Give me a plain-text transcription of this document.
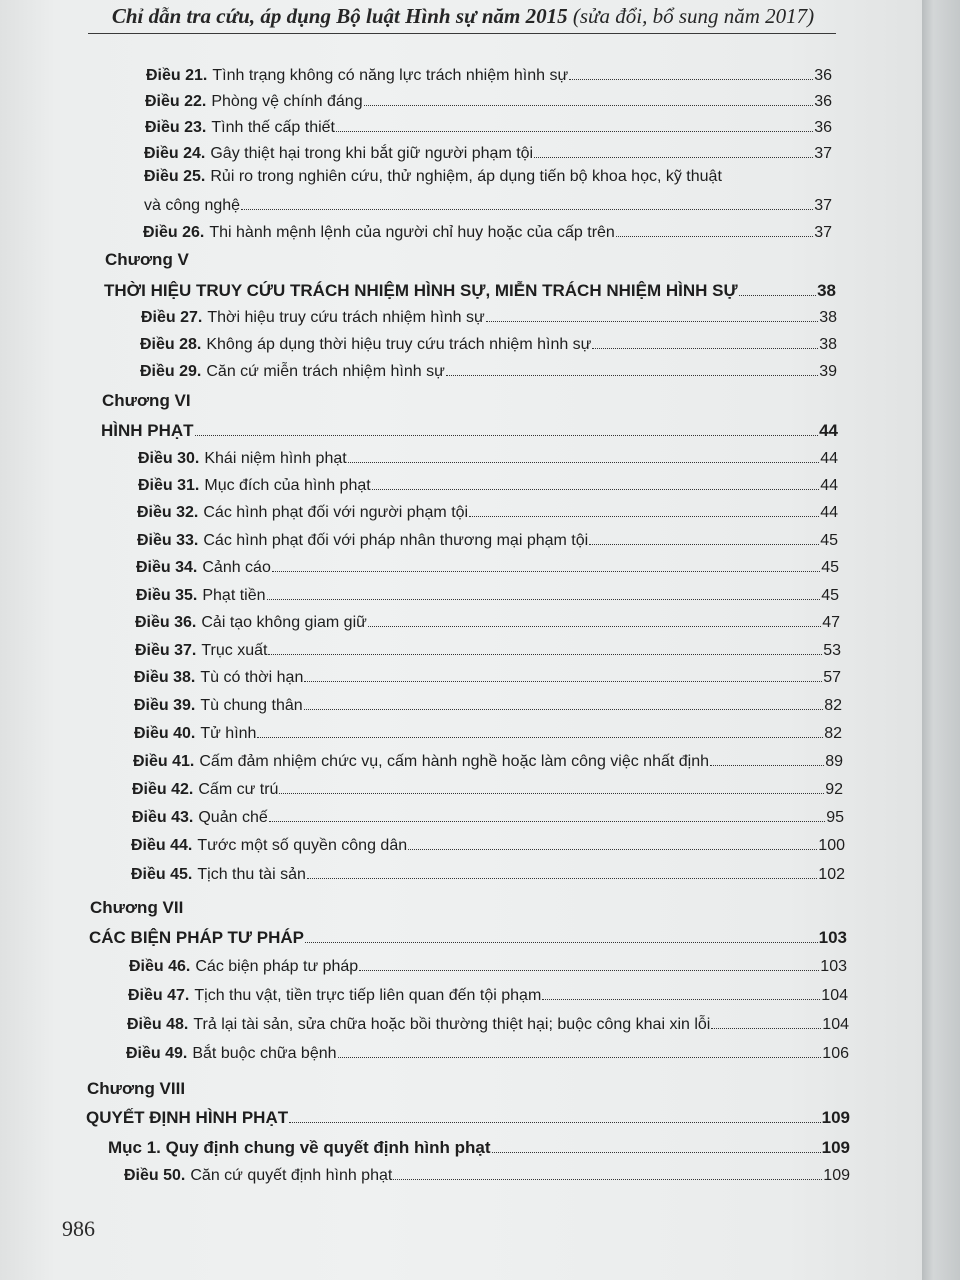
Chỉ dẫn tra cứu, áp dụng Bộ luật Hình sự năm 2015 (sửa đổi, bổ sung năm 2017)
Điều 21. Tình trạng không có năng lực trách nhiệm hình sự	36
Điều 22. Phòng vệ chính đáng	36
Điều 23. Tình thế cấp thiết	36
Điều 24. Gây thiệt hại trong khi bắt giữ người phạm tội	37
Điều 25. Rủi ro trong nghiên cứu, thử nghiệm, áp dụng tiến bộ khoa học, kỹ thuật
và công nghệ	37
Điều 26. Thi hành mệnh lệnh của người chỉ huy hoặc của cấp trên	37
Chương V
THỜI HIỆU TRUY CỨU TRÁCH NHIỆM HÌNH SỰ, MIỄN TRÁCH NHIỆM HÌNH SỰ	38
Điều 27. Thời hiệu truy cứu trách nhiệm hình sự	38
Điều 28. Không áp dụng thời hiệu truy cứu trách nhiệm hình sự	38
Điều 29. Căn cứ miễn trách nhiệm hình sự	39
Chương VI
HÌNH PHẠT	44
Điều 30. Khái niệm hình phạt	44
Điều 31. Mục đích của hình phạt	44
Điều 32. Các hình phạt đối với người phạm tội	44
Điều 33. Các hình phạt đối với pháp nhân thương mại phạm tội	45
Điều 34. Cảnh cáo	45
Điều 35. Phạt tiền	45
Điều 36. Cải tạo không giam giữ	47
Điều 37. Trục xuất	53
Điều 38. Tù có thời hạn	57
Điều 39. Tù chung thân	82
Điều 40. Tử hình	82
Điều 41. Cấm đảm nhiệm chức vụ, cấm hành nghề hoặc làm công việc nhất định	89
Điều 42. Cấm cư trú	92
Điều 43. Quản chế	95
Điều 44. Tước một số quyền công dân	100
Điều 45. Tịch thu tài sản	102
Chương VII
CÁC BIỆN PHÁP TƯ PHÁP	103
Điều 46. Các biện pháp tư pháp	103
Điều 47. Tịch thu vật, tiền trực tiếp liên quan đến tội phạm	104
Điều 48. Trả lại tài sản, sửa chữa hoặc bồi thường thiệt hại; buộc công khai xin lỗi	104
Điều 49. Bắt buộc chữa bệnh	106
Chương VIII
QUYẾT ĐỊNH HÌNH PHẠT	109
Mục 1. Quy định chung về quyết định hình phạt	109
Điều 50. Căn cứ quyết định hình phạt	109
986
